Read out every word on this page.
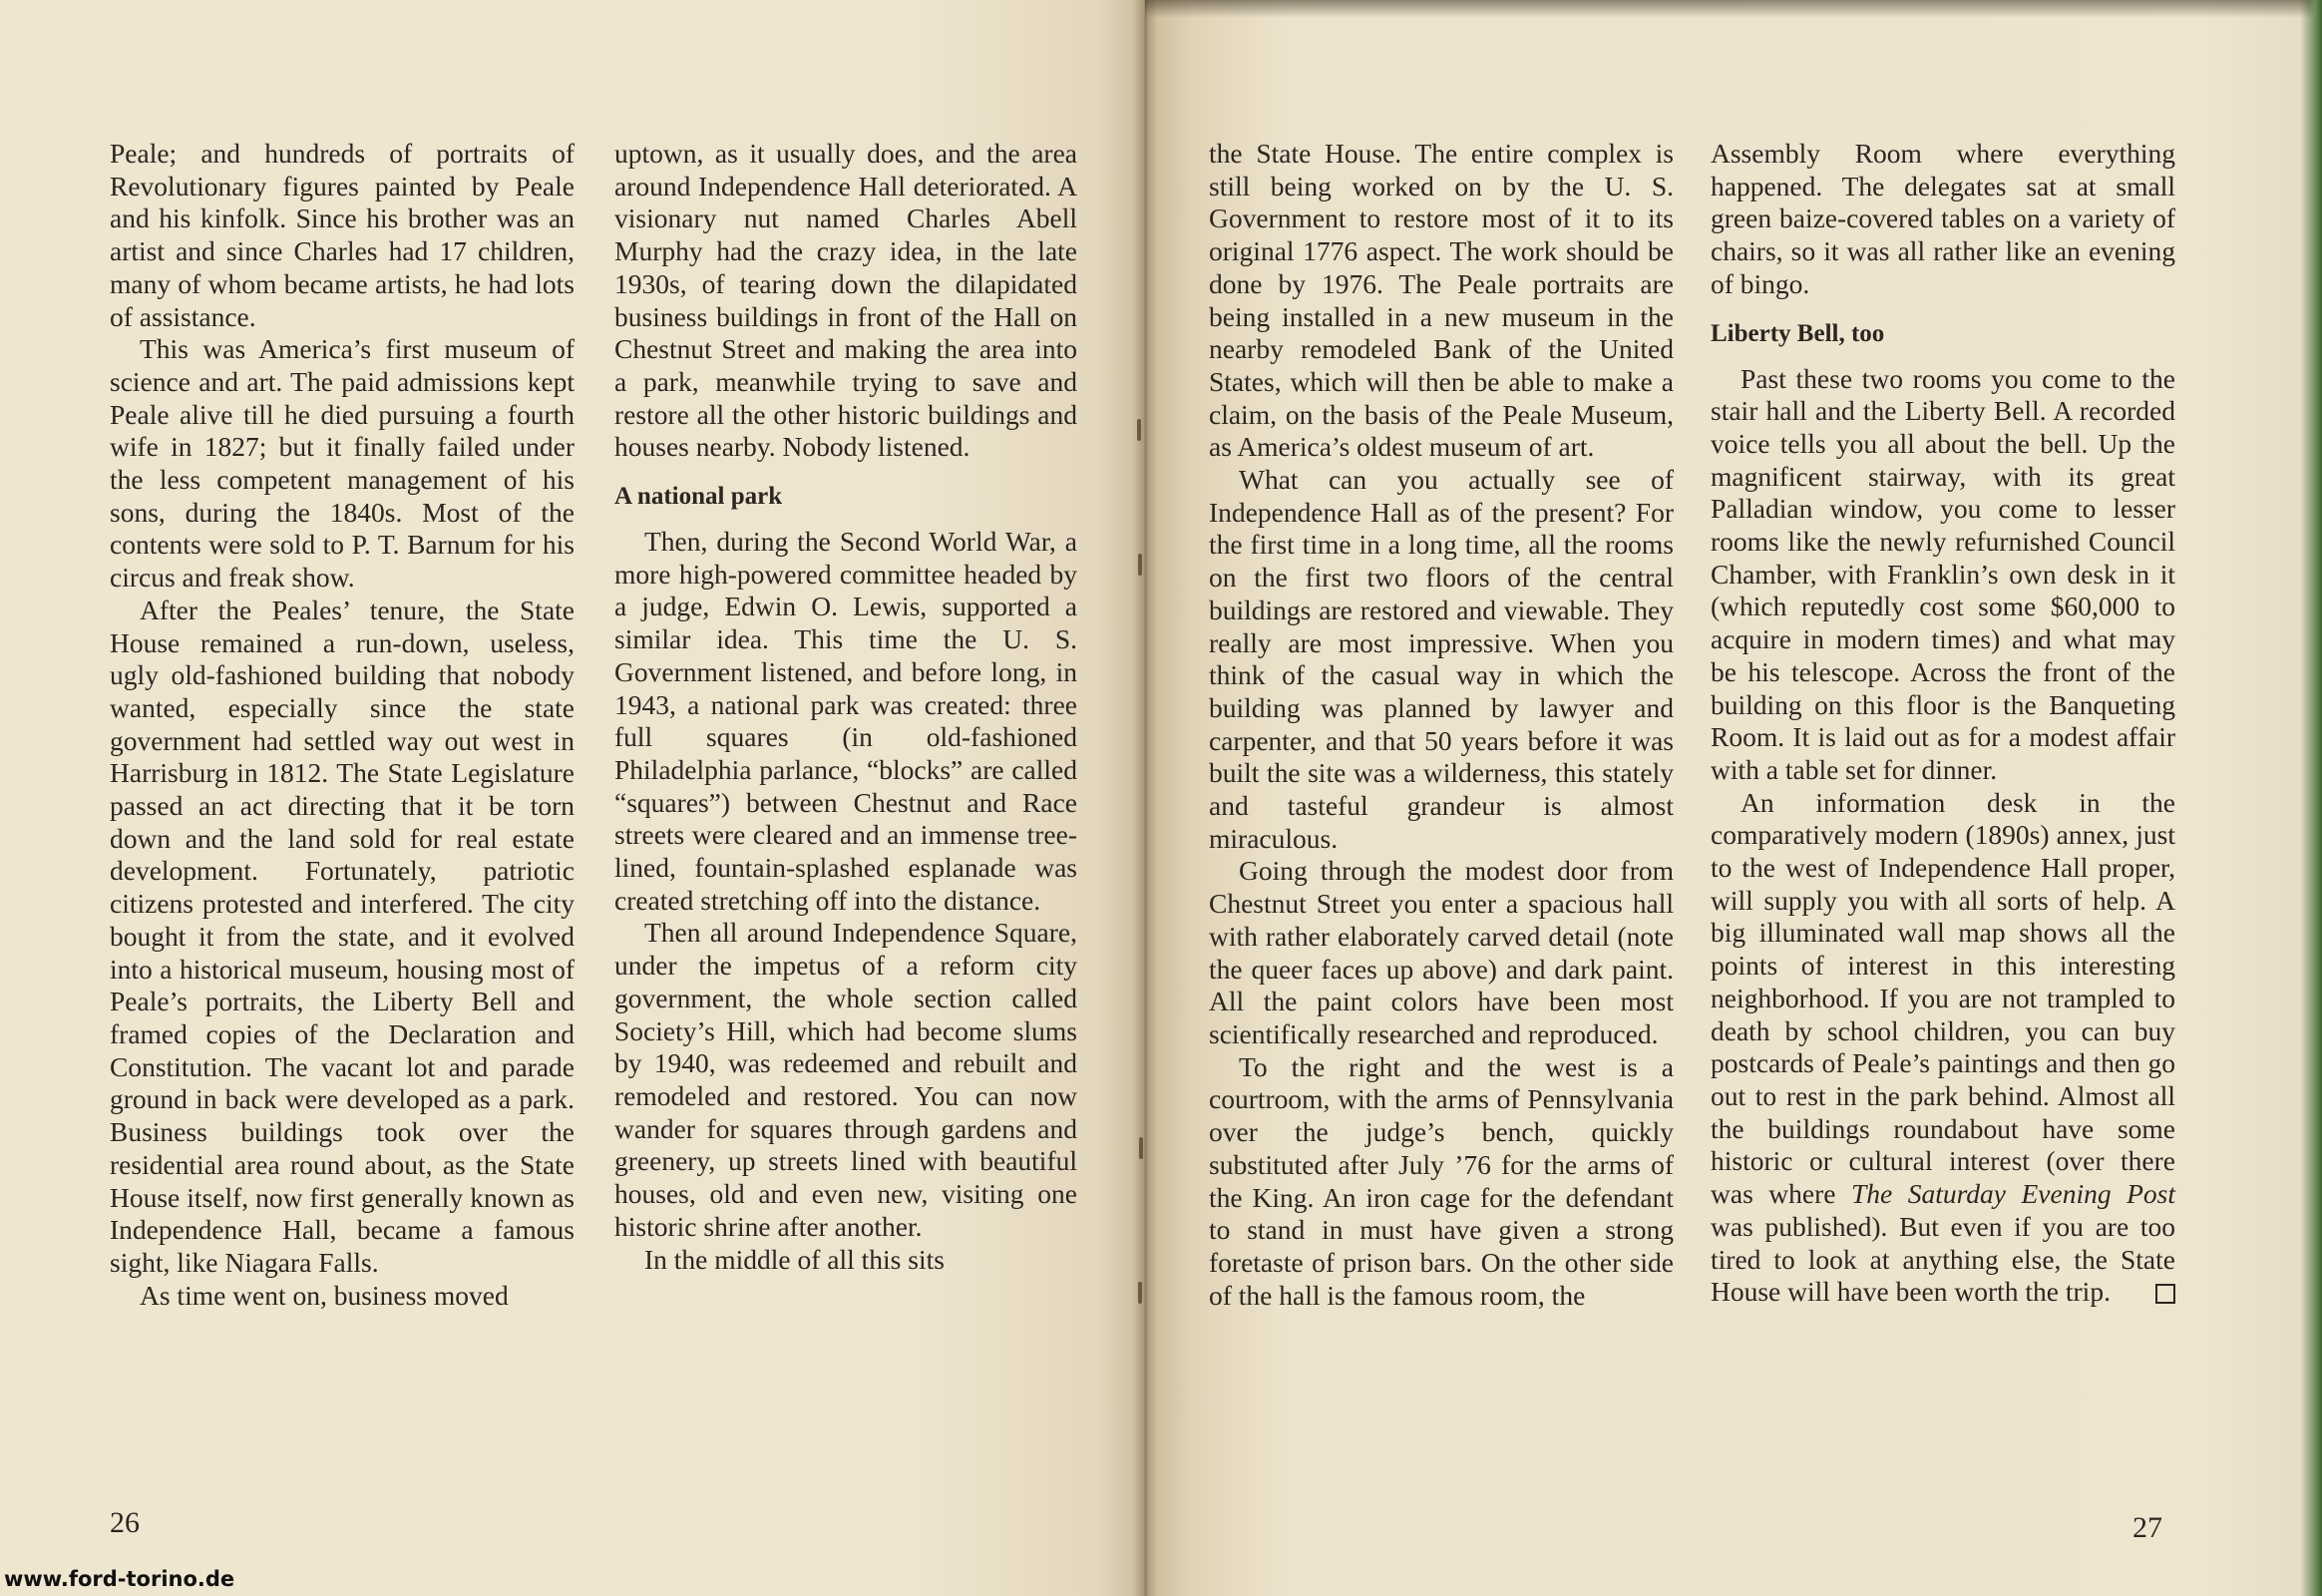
Peale; and hundreds of portraits of Revolutionary figures painted by Peale and his kinfolk. Since his brother was an artist and since Charles had 17 children, many of whom became artists, he had lots of assistance.

This was America’s first museum of science and art. The paid admissions kept Peale alive till he died pursuing a fourth wife in 1827; but it finally failed under the less competent management of his sons, during the 1840s. Most of the contents were sold to P. T. Barnum for his circus and freak show.

After the Peales’ tenure, the State House remained a run-down, useless, ugly old-fashioned building that nobody wanted, especially since the state government had settled way out west in Harrisburg in 1812. The State Legislature passed an act directing that it be torn down and the land sold for real estate development. Fortunately, patriotic citizens protested and interfered. The city bought it from the state, and it evolved into a historical museum, housing most of Peale’s portraits, the Liberty Bell and framed copies of the Declaration and Constitution. The vacant lot and parade ground in back were developed as a park. Business buildings took over the residential area round about, as the State House itself, now first generally known as Independence Hall, became a famous sight, like Niagara Falls.

As time went on, business moved

uptown, as it usually does, and the area around Independence Hall deteriorated. A visionary nut named Charles Abell Murphy had the crazy idea, in the late 1930s, of tearing down the dilapidated business buildings in front of the Hall on Chestnut Street and making the area into a park, meanwhile trying to save and restore all the other historic buildings and houses nearby. Nobody listened.

A national park

Then, during the Second World War, a more high-powered committee headed by a judge, Edwin O. Lewis, supported a similar idea. This time the U. S. Government listened, and before long, in 1943, a national park was created: three full squares (in old-fashioned Philadelphia parlance, “blocks” are called “squares”) between Chestnut and Race streets were cleared and an immense tree-lined, fountain-splashed esplanade was created stretching off into the distance.

Then all around Independence Square, under the impetus of a reform city government, the whole section called Society’s Hill, which had become slums by 1940, was redeemed and rebuilt and remodeled and restored. You can now wander for squares through gardens and greenery, up streets lined with beautiful houses, old and even new, visiting one historic shrine after another.

In the middle of all this sits

26

the State House. The entire complex is still being worked on by the U. S. Government to restore most of it to its original 1776 aspect. The work should be done by 1976. The Peale portraits are being installed in a new museum in the nearby remodeled Bank of the United States, which will then be able to make a claim, on the basis of the Peale Museum, as America’s oldest museum of art.

What can you actually see of Independence Hall as of the present? For the first time in a long time, all the rooms on the first two floors of the central buildings are restored and viewable. They really are most impressive. When you think of the casual way in which the building was planned by lawyer and carpenter, and that 50 years before it was built the site was a wilderness, this stately and tasteful grandeur is almost miraculous.

Going through the modest door from Chestnut Street you enter a spacious hall with rather elaborately carved detail (note the queer faces up above) and dark paint. All the paint colors have been most scientifically researched and reproduced.

To the right and the west is a courtroom, with the arms of Pennsylvania over the judge’s bench, quickly substituted after July ’76 for the arms of the King. An iron cage for the defendant to stand in must have given a strong foretaste of prison bars. On the other side of the hall is the famous room, the

Assembly Room where everything happened. The delegates sat at small green baize-covered tables on a variety of chairs, so it was all rather like an evening of bingo.

Liberty Bell, too

Past these two rooms you come to the stair hall and the Liberty Bell. A recorded voice tells you all about the bell. Up the magnificent stairway, with its great Palladian window, you come to lesser rooms like the newly refurnished Council Chamber, with Franklin’s own desk in it (which reputedly cost some $60,000 to acquire in modern times) and what may be his telescope. Across the front of the building on this floor is the Banqueting Room. It is laid out as for a modest affair with a table set for dinner.

An information desk in the comparatively modern (1890s) annex, just to the west of Independence Hall proper, will supply you with all sorts of help. A big illuminated wall map shows all the points of interest in this interesting neighborhood. If you are not trampled to death by school children, you can buy postcards of Peale’s paintings and then go out to rest in the park behind. Almost all the buildings roundabout have some historic or cultural interest (over there was where The Saturday Evening Post was published). But even if you are too tired to look at anything else, the State House will have been worth the trip.

27
www.ford-torino.de
